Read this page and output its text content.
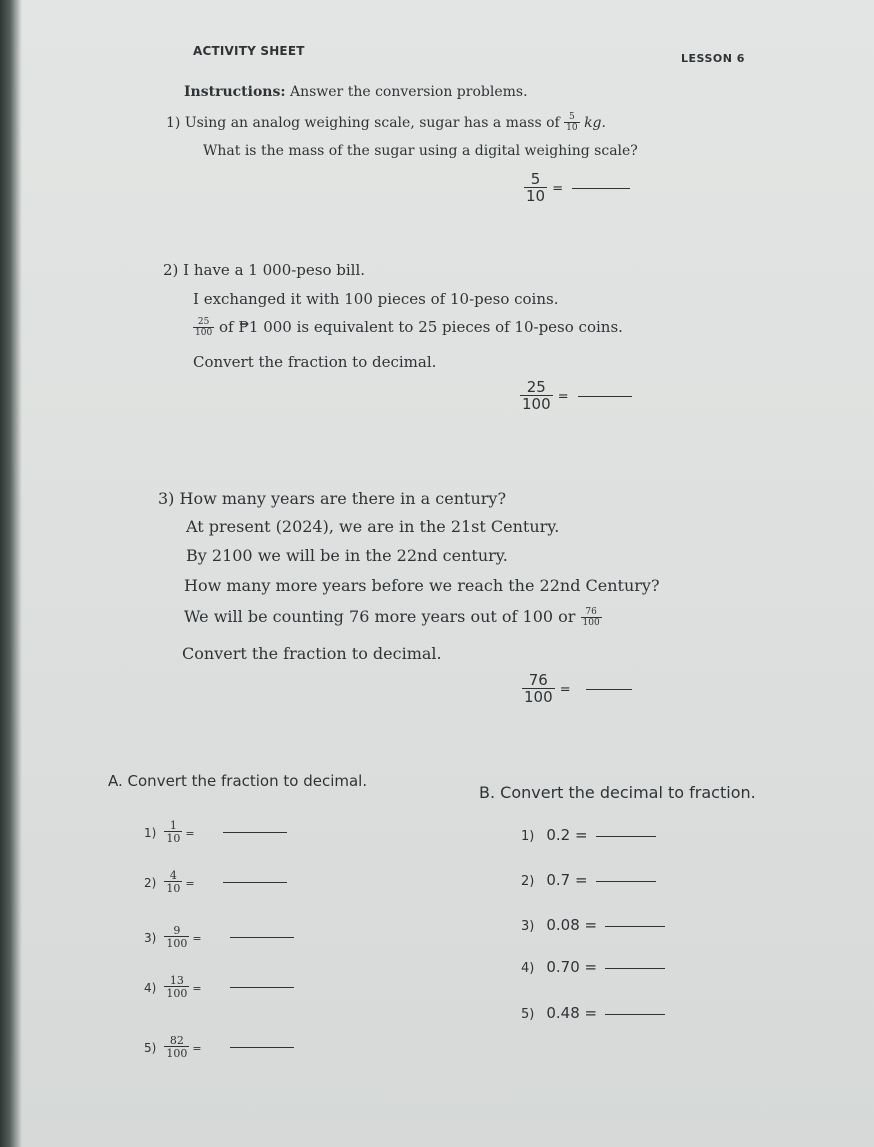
ACTIVITY SHEET
LESSON 6
Instructions: Answer the conversion problems.
1) Using an analog weighing scale, sugar has a mass of $\frac{5}{10}$ kg.
What is the mass of the sugar using a digital weighing scale?
$\frac{5}{10}$ =
2) I have a 1 000-peso bill.
I exchanged it with 100 pieces of 10-peso coins.
$\frac{25}{100}$ of ₱1 000 is equivalent to 25 pieces of 10-peso coins.
Convert the fraction to decimal.
$\frac{25}{100}$ =
3) How many years are there in a century?
At present (2024), we are in the 21st Century.
By 2100 we will be in the 22nd century.
How many more years before we reach the 22nd Century?
We will be counting 76 more years out of 100 or $\frac{76}{100}$
Convert the fraction to decimal.
$\frac{76}{100}$ =
A. Convert the fraction to decimal.
$1) \frac{1}{10}$ =
$2) \frac{4}{10}$ =
$3) \frac{9}{100}$ =
$4) \frac{13}{100}$ =
$5) \frac{82}{100}$ =
B. Convert the decimal to fraction.
1) 0.2 =
2) 0.7 =
3) 0.08 =
4) 0.70 =
5) 0.48 =
